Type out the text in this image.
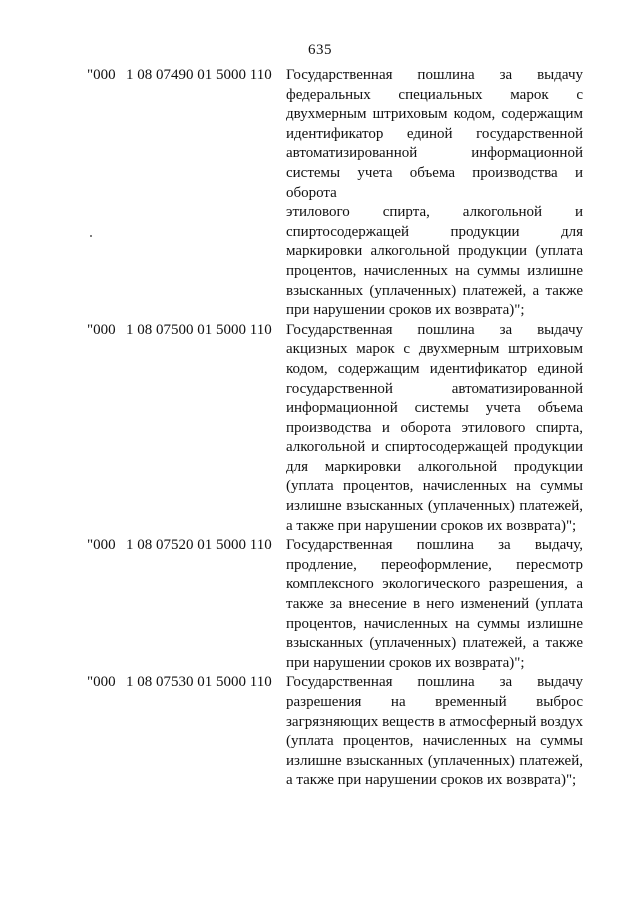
635
"000 1 08 07490 01 5000 110 Государственная пошлина за выдачу
федеральных специальных марок с
двухмерным штриховым кодом, содержащим
идентификатор единой государственной
автоматизированной информационной
системы учета объема производства и оборота
этилового спирта, алкогольной и
спиртосодержащей продукции для
маркировки алкогольной продукции (уплата
процентов, начисленных на суммы излишне
взысканных (уплаченных) платежей, а также
при нарушении сроков их возврата)";
"000 1 08 07500 01 5000 110 Государственная пошлина за выдачу
акцизных марок с двухмерным штриховым
кодом, содержащим идентификатор единой
государственной автоматизированной
информационной системы учета объема
производства и оборота этилового спирта,
алкогольной и спиртосодержащей продукции
для маркировки алкогольной продукции
(уплата процентов, начисленных на суммы
излишне взысканных (уплаченных) платежей,
а также при нарушении сроков их возврата)";
"000 1 08 07520 01 5000 110 Государственная пошлина за выдачу,
продление, переоформление, пересмотр
комплексного экологического разрешения, а
также за внесение в него изменений (уплата
процентов, начисленных на суммы излишне
взысканных (уплаченных) платежей, а также
при нарушении сроков их возврата)";
"000 1 08 07530 01 5000 110 Государственная пошлина за выдачу
разрешения на временный выброс
загрязняющих веществ в атмосферный воздух
(уплата процентов, начисленных на суммы
излишне взысканных (уплаченных) платежей,
а также при нарушении сроков их возврата)";
